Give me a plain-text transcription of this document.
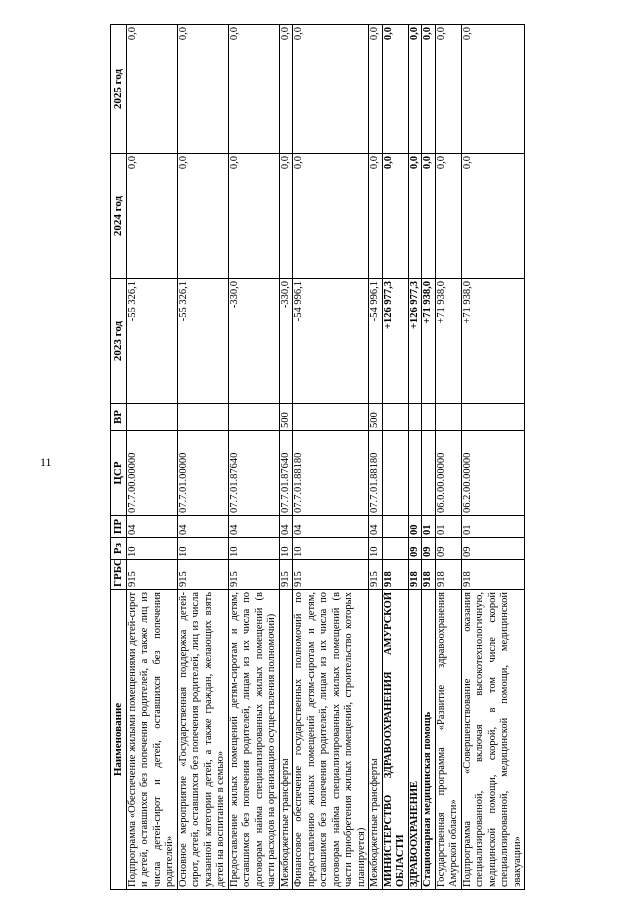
11
Наименование	ГРБС	Рз	ПР	ЦСР	ВР	2023 год	2024 год	2025 год
Подпрограмма «Обеспечение жилыми помещениями детей-сирот и детей, оставшихся без попечения родителей, а также лиц из числа детей-сирот и детей, оставшихся без попечения родителей»	915	10	04	07.7.00.00000		-55 326,1	0,0	0,0
Основное мероприятие «Государственная поддержка детей-сирот, детей, оставшихся без попечения родителей, лиц из числа указанной категории детей, а также граждан, желающих взять детей на воспитание в семью»	915	10	04	07.7.01.00000		-55 326,1	0,0	0,0
Предоставление жилых помещений детям-сиротам и детям, оставшимся без попечения родителей, лицам из их числа по договорам найма специализированных жилых помещений (в части расходов на организацию осуществления полномочий)	915	10	04	07.7.01.87640		-330,0	0,0	0,0
Межбюджетные трансферты	915	10	04	07.7.01.87640	500	-330,0	0,0	0,0
Финансовое обеспечение государственных полномочий по предоставлению жилых помещений детям-сиротам и детям, оставшимся без попечения родителей, лицам из их числа по договорам найма специализированных жилых помещений (в части приобретения жилых помещений, строительство которых планируется)	915	10	04	07.7.01.88180		-54 996,1	0,0	0,0
Межбюджетные трансферты	915	10	04	07.7.01.88180	500	-54 996,1	0,0	0,0
МИНИСТЕРСТВО ЗДРАВООХРАНЕНИЯ АМУРСКОЙ ОБЛАСТИ	918					+126 977,3	0,0	0,0
ЗДРАВООХРАНЕНИЕ	918	09	00			+126 977,3	0,0	0,0
Стационарная медицинская помощь	918	09	01			+71 938,0	0,0	0,0
Государственная программа «Развитие здравоохранения Амурской области»	918	09	01	06.0.00.00000		+71 938,0	0,0	0,0
Подпрограмма «Совершенствование оказания специализированной, включая высокотехнологичную, медицинской помощи, скорой, в том числе скорой специализированной, медицинской помощи, медицинской эвакуации»	918	09	01	06.2.00.00000		+71 938,0	0,0	0,0
